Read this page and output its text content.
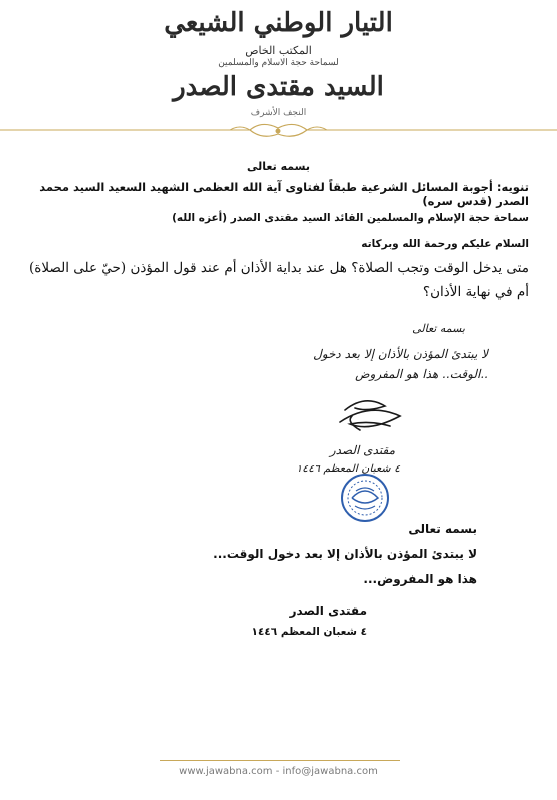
التيار الوطني الشيعي
المكتب الخاص
لسماحة حجة الاسلام والمسلمين
السيد مقتدى الصدر
النجف الأشرف
بسمه تعالى
تنويه: أجوبة المسائل الشرعية طبقاً لفتاوى آية الله العظمى الشهيد السعيد السيد محمد الصدر (قدس سره)
سماحة حجة الإسلام والمسلمين القائد السيد مقتدى الصدر (أعزه الله)
السلام عليكم ورحمة الله وبركاته
متى يدخل الوقت وتجب الصلاة؟ هل عند بداية الأذان أم عند قول المؤذن (حيّ على الصلاة) أم في نهاية الأذان؟
بسمه تعالى
لا يبتدئ المؤذن بالأذان إلا بعد دخول
الوقت.. هذا هو المفروض..
مقتدى الصدر
٤ شعبان المعظم ١٤٤٦
بسمه تعالى
لا يبتدئ المؤذن بالأذان إلا بعد دخول الوقت...
هذا هو المفروض...
مقتدى الصدر
٤ شعبان المعظم ١٤٤٦
www.jawabna.com - info@jawabna.com
